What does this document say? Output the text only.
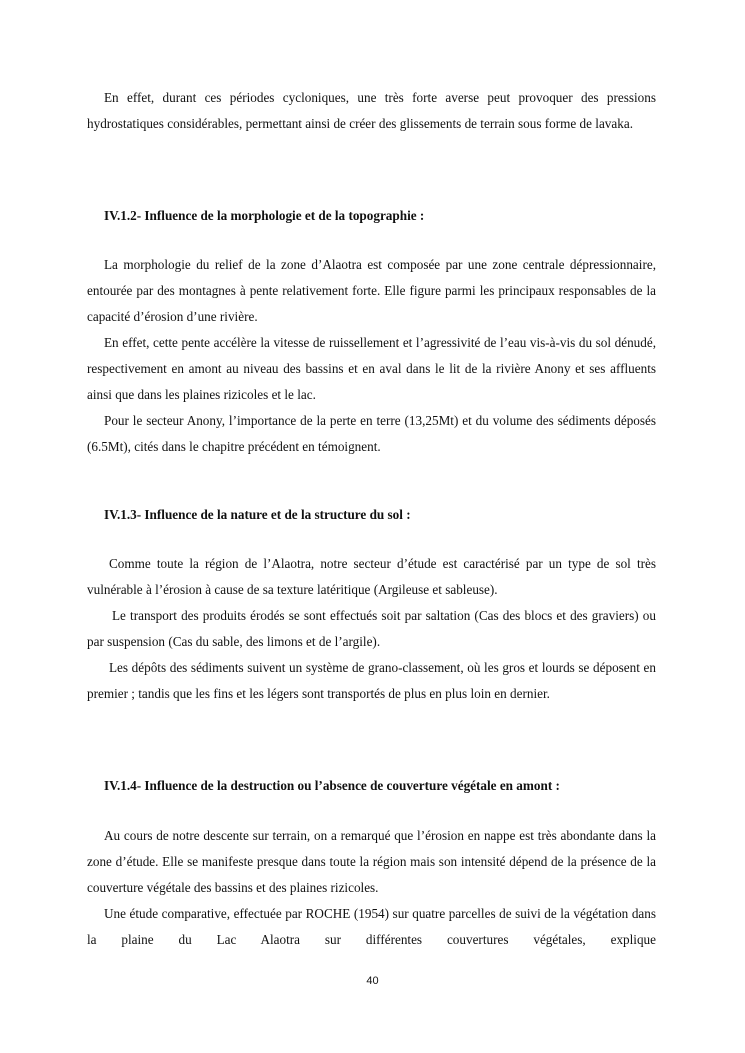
En effet, durant ces périodes cycloniques, une très forte averse peut provoquer des pressions hydrostatiques considérables, permettant ainsi de créer des glissements de terrain sous forme de lavaka.

IV.1.2- Influence de la morphologie et de la topographie :

La morphologie du relief de la zone d’Alaotra est composée par une zone centrale dépressionnaire, entourée par des montagnes à pente relativement forte. Elle figure parmi les principaux responsables de la capacité d’érosion d’une rivière.

En effet, cette pente accélère la vitesse de ruissellement et l’agressivité de l’eau vis-à-vis du sol dénudé, respectivement en amont au niveau des bassins et en aval dans le lit de la rivière Anony et ses affluents ainsi que dans les plaines rizicoles et le lac.

Pour le secteur Anony, l’importance de la perte en terre (13,25Mt) et du volume des sédiments déposés (6.5Mt), cités dans le chapitre précédent en témoignent.

IV.1.3- Influence de la nature et de la structure du sol :

Comme toute la région de l’Alaotra, notre secteur d’étude est caractérisé par un type de sol très vulnérable à l’érosion à cause de sa texture latéritique (Argileuse et sableuse).

Le transport des produits érodés se sont effectués soit par saltation (Cas des blocs et des graviers) ou par suspension (Cas du sable, des limons et de l’argile).

Les dépôts des sédiments suivent un système de grano-classement, où les gros et lourds se déposent en premier ; tandis que les fins et les légers sont transportés de plus en plus loin en dernier.

IV.1.4- Influence de la destruction ou l’absence de couverture végétale en amont :

Au cours de notre descente sur terrain, on a remarqué que l’érosion en nappe est très abondante dans la zone d’étude. Elle se manifeste presque dans toute la région mais son intensité dépend de la présence de la couverture végétale des bassins et des plaines rizicoles.

Une étude comparative, effectuée par ROCHE (1954) sur quatre parcelles de suivi de la végétation dans la plaine du Lac Alaotra sur différentes couvertures végétales, explique

40
